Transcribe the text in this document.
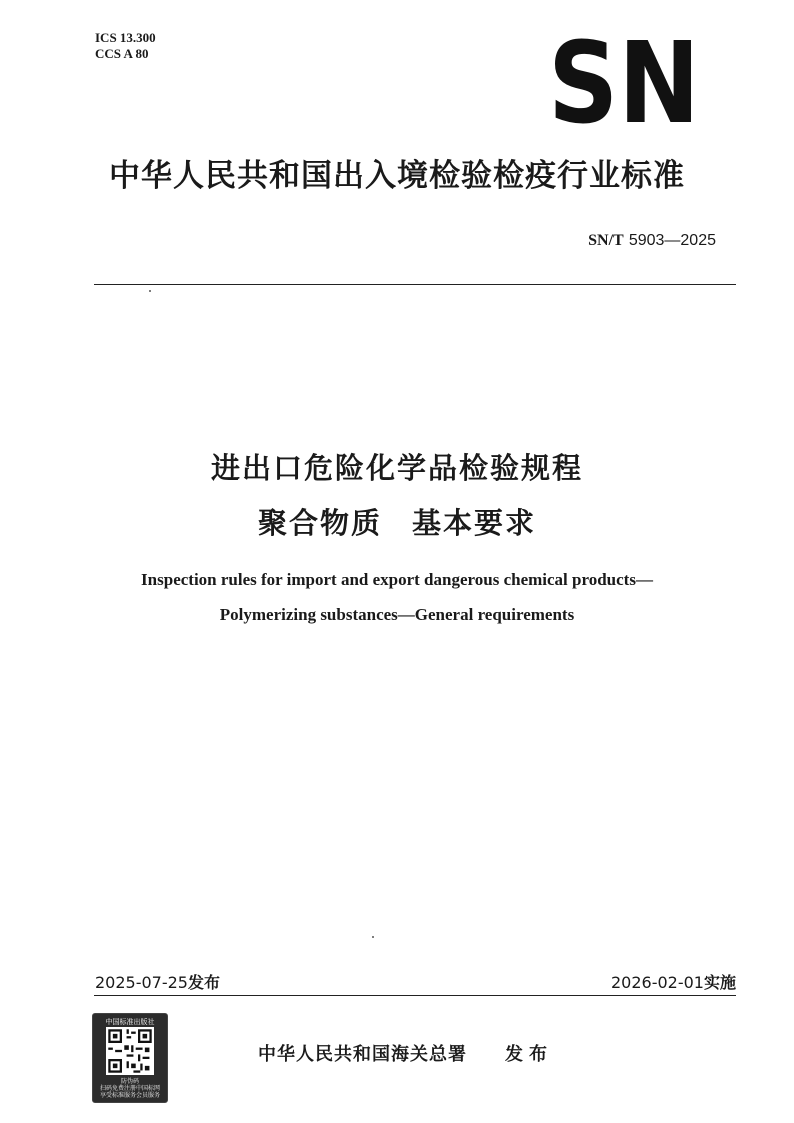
ICS 13.300
CCS A 80	SN
中华人民共和国出入境检验检疫行业标准
SN/T 5903—2025
进出口危险化学品检验规程
聚合物质 基本要求
Inspection rules for import and export dangerous chemical products—
Polymerizing substances—General requirements
2025-07-25发布	2026-02-01实施
中国标准出版社
防伪码
扫码免费注册中国标网
享受标准服务会员服务
中华人民共和国海关总署 发布
